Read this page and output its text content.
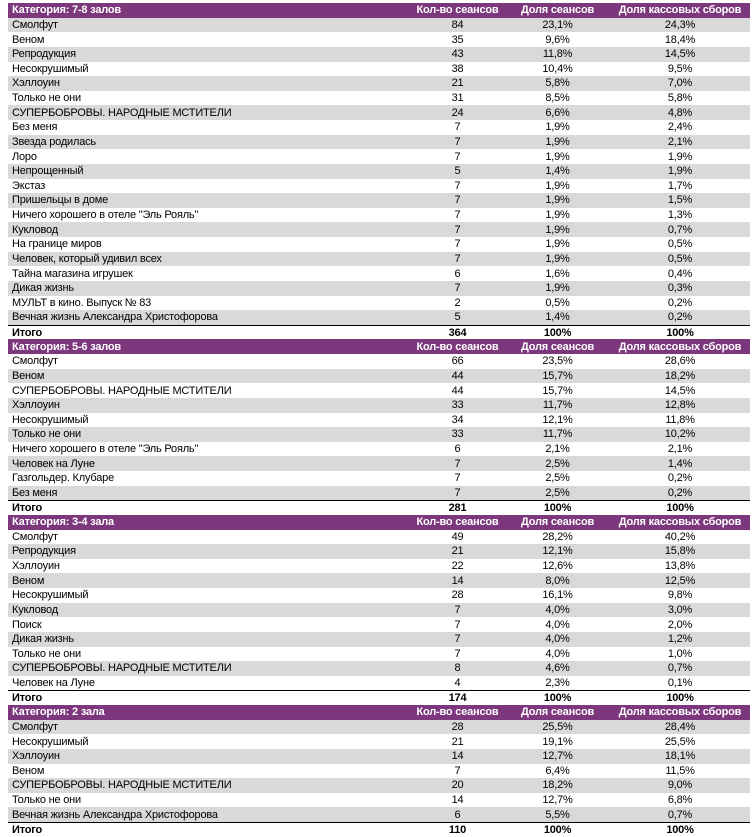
Категория: 7-8 залов	Кол-во сеансов	Доля сеансов	Доля кассовых сборов
Смолфут	84	23,1%	24,3%
Веном	35	9,6%	18,4%
Репродукция	43	11,8%	14,5%
Несокрушимый	38	10,4%	9,5%
Хэллоуин	21	5,8%	7,0%
Только не они	31	8,5%	5,8%
СУПЕРБОБРОВЫ. НАРОДНЫЕ МСТИТЕЛИ	24	6,6%	4,8%
Без меня	7	1,9%	2,4%
Звезда родилась	7	1,9%	2,1%
Лоро	7	1,9%	1,9%
Непрощенный	5	1,4%	1,9%
Экстаз	7	1,9%	1,7%
Пришельцы в доме	7	1,9%	1,5%
Ничего хорошего в отеле "Эль Рояль"	7	1,9%	1,3%
Кукловод	7	1,9%	0,7%
На границе миров	7	1,9%	0,5%
Человек, который удивил всех	7	1,9%	0,5%
Тайна магазина игрушек	6	1,6%	0,4%
Дикая жизнь	7	1,9%	0,3%
МУЛЬТ в кино. Выпуск № 83	2	0,5%	0,2%
Вечная жизнь Александра Христофорова	5	1,4%	0,2%
Итого	364	100%	100%
Категория: 5-6 залов	Кол-во сеансов	Доля сеансов	Доля кассовых сборов
Смолфут	66	23,5%	28,6%
Веном	44	15,7%	18,2%
СУПЕРБОБРОВЫ. НАРОДНЫЕ МСТИТЕЛИ	44	15,7%	14,5%
Хэллоуин	33	11,7%	12,8%
Несокрушимый	34	12,1%	11,8%
Только не они	33	11,7%	10,2%
Ничего хорошего в отеле "Эль Рояль"	6	2,1%	2,1%
Человек на Луне	7	2,5%	1,4%
Газгольдер. Клубаре	7	2,5%	0,2%
Без меня	7	2,5%	0,2%
Итого	281	100%	100%
Категория: 3-4 зала	Кол-во сеансов	Доля сеансов	Доля кассовых сборов
Смолфут	49	28,2%	40,2%
Репродукция	21	12,1%	15,8%
Хэллоуин	22	12,6%	13,8%
Веном	14	8,0%	12,5%
Несокрушимый	28	16,1%	9,8%
Кукловод	7	4,0%	3,0%
Поиск	7	4,0%	2,0%
Дикая жизнь	7	4,0%	1,2%
Только не они	7	4,0%	1,0%
СУПЕРБОБРОВЫ. НАРОДНЫЕ МСТИТЕЛИ	8	4,6%	0,7%
Человек на Луне	4	2,3%	0,1%
Итого	174	100%	100%
Категория: 2 зала	Кол-во сеансов	Доля сеансов	Доля кассовых сборов
Смолфут	28	25,5%	28,4%
Несокрушимый	21	19,1%	25,5%
Хэллоуин	14	12,7%	18,1%
Веном	7	6,4%	11,5%
СУПЕРБОБРОВЫ. НАРОДНЫЕ МСТИТЕЛИ	20	18,2%	9,0%
Только не они	14	12,7%	6,8%
Вечная жизнь Александра Христофорова	6	5,5%	0,7%
Итого	110	100%	100%
